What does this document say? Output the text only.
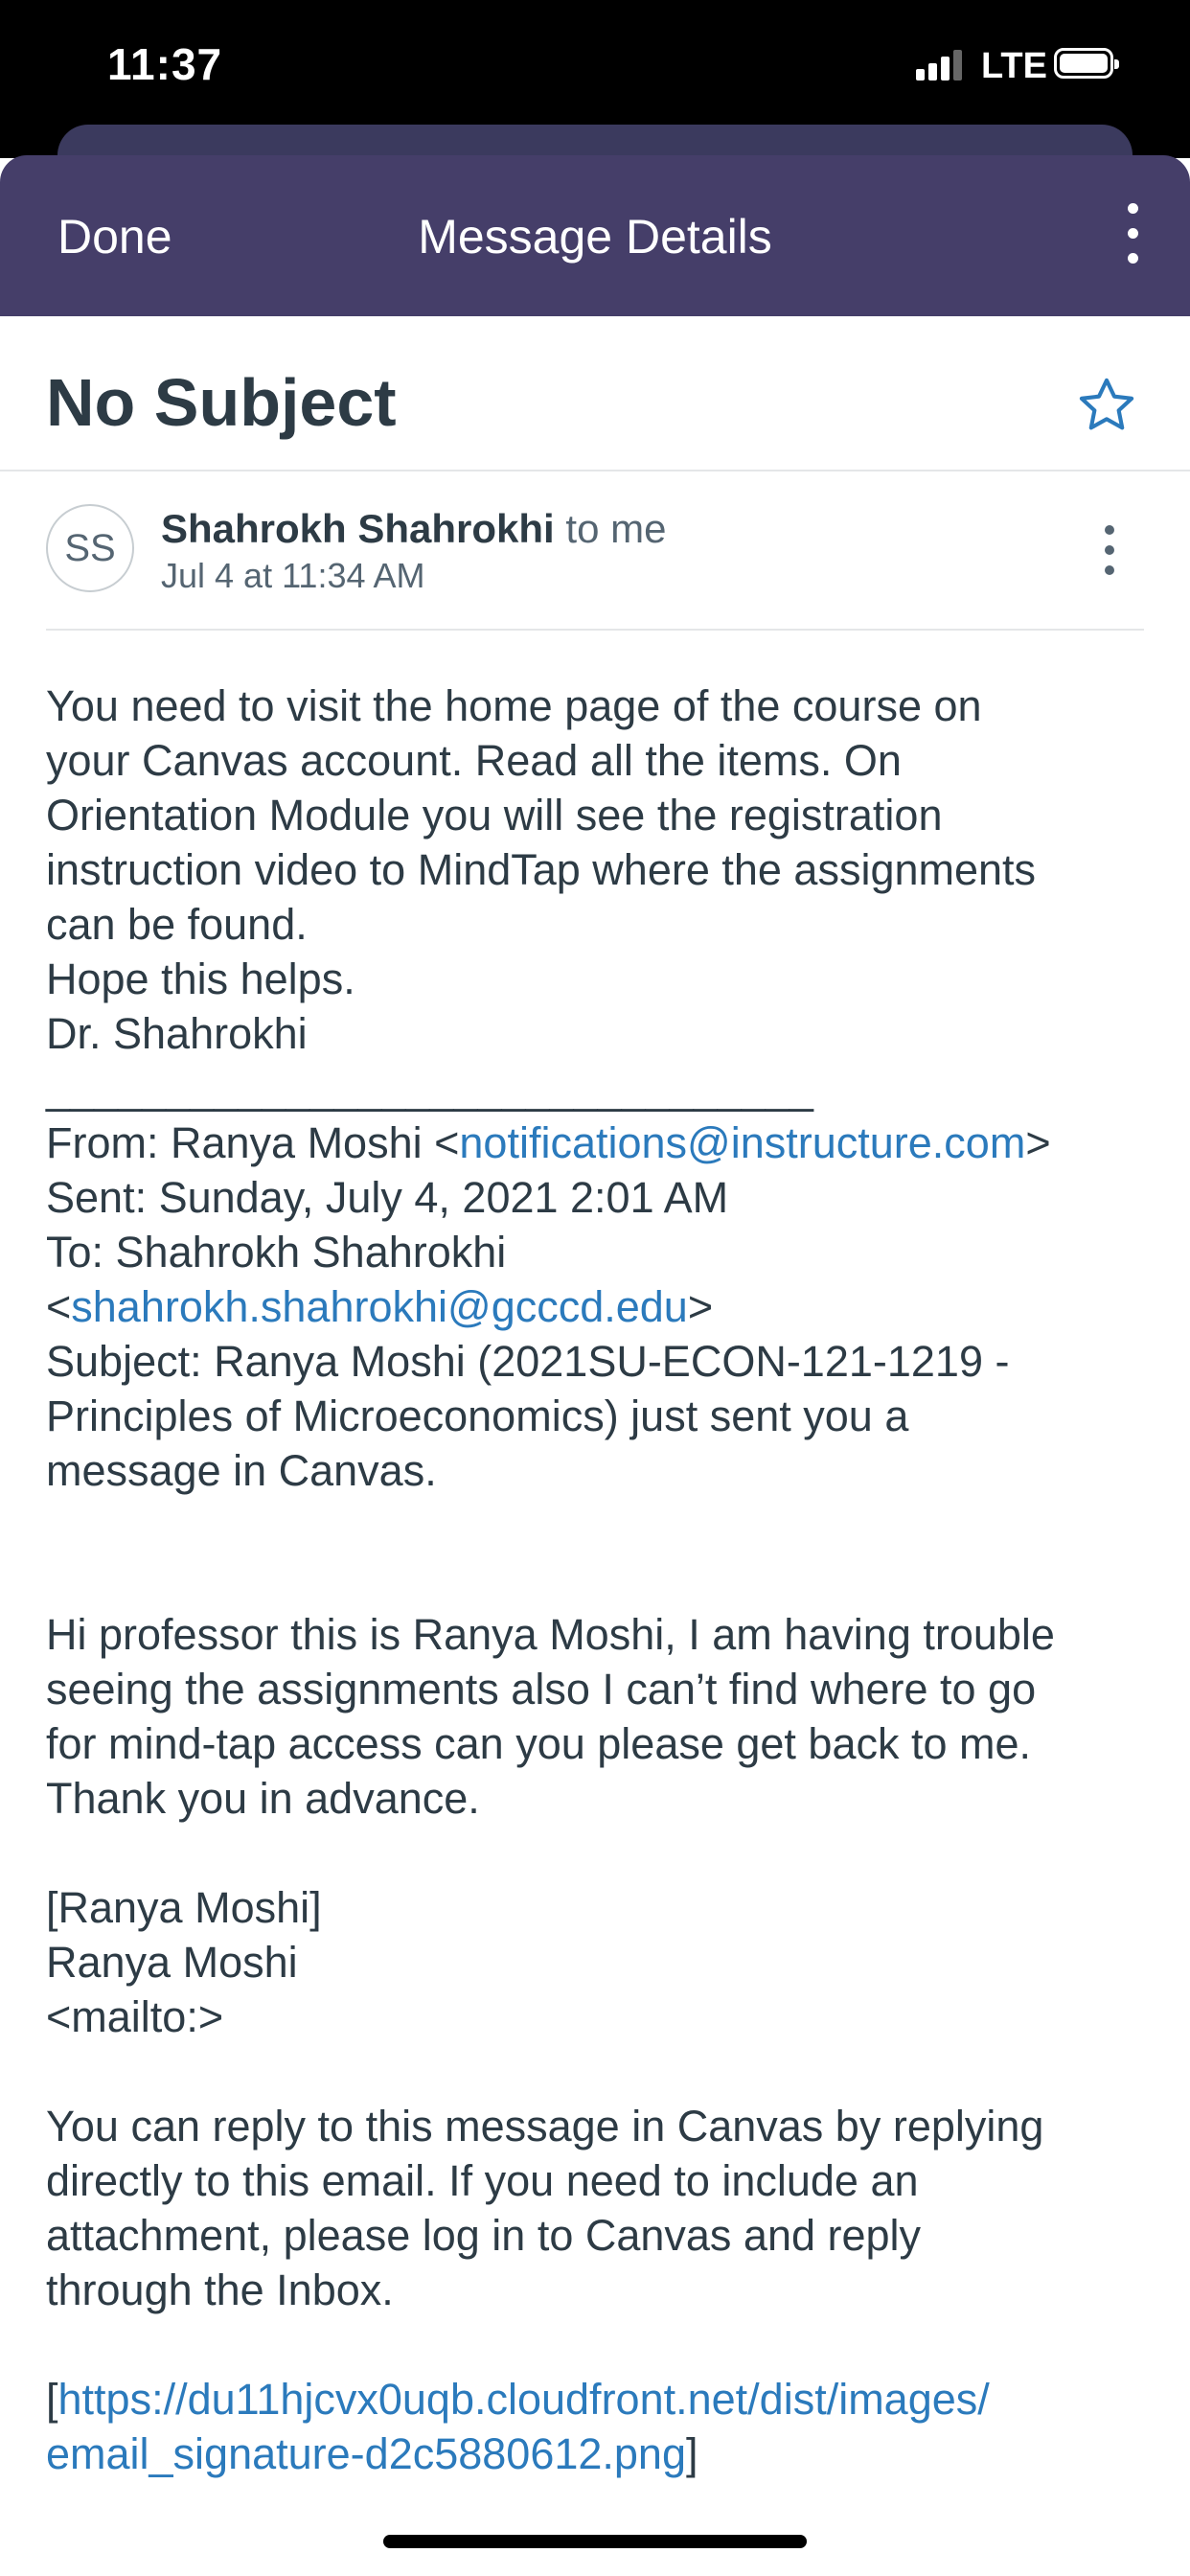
11:37	LTE
Done	Message Details
No Subject
SS	Shahrokh Shahrokhi to me
Jul 4 at 11:34 AM
You need to visit the home page of the course on
your Canvas account. Read all the items. On
Orientation Module you will see the registration
instruction video to MindTap where the assignments
can be found.
Hope this helps.
Dr. Shahrokhi
________________________________
From: Ranya Moshi <notifications@instructure.com>
Sent: Sunday, July 4, 2021 2:01 AM
To: Shahrokh Shahrokhi
<shahrokh.shahrokhi@gcccd.edu>
Subject: Ranya Moshi (2021SU-ECON-121-1219 -
Principles of Microeconomics) just sent you a
message in Canvas.
Hi professor this is Ranya Moshi, I am having trouble
seeing the assignments also I can’t find where to go
for mind-tap access can you please get back to me.
Thank you in advance.
[Ranya Moshi]
Ranya Moshi
<mailto:>
You can reply to this message in Canvas by replying
directly to this email. If you need to include an
attachment, please log in to Canvas and reply
through the Inbox.
[https://du11hjcvx0uqb.cloudfront.net/dist/images/
email_signature-d2c5880612.png]
